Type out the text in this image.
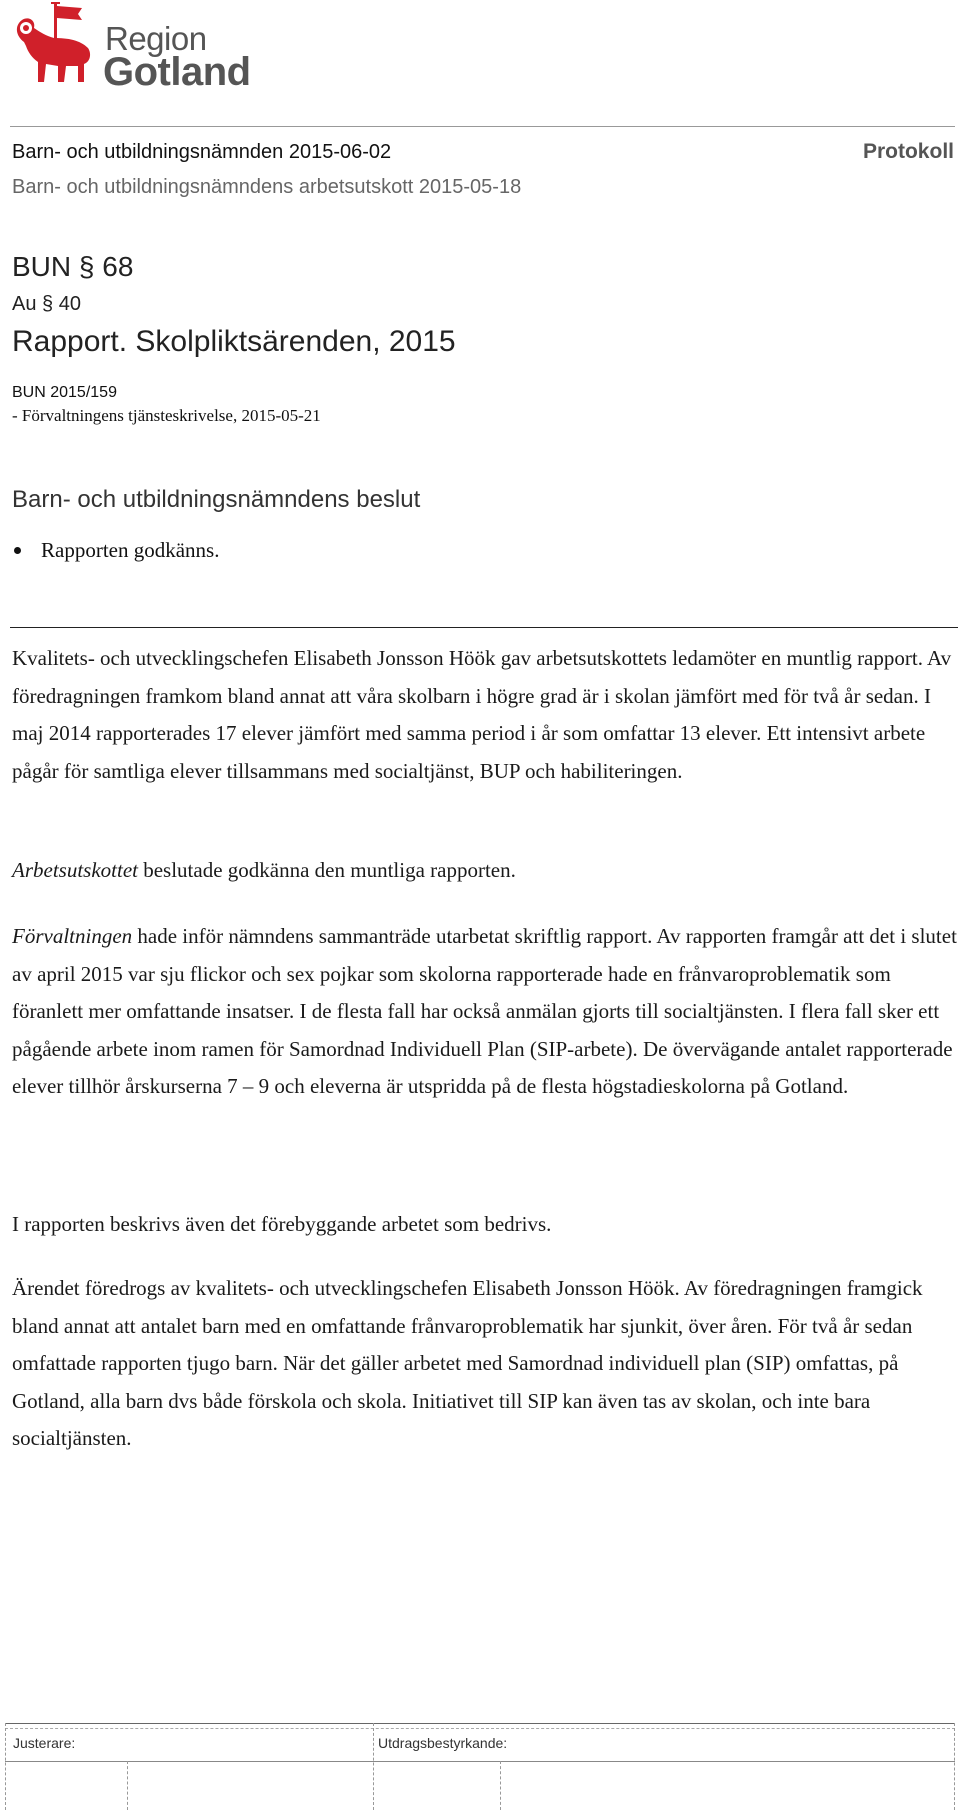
Region
Gotland
Barn- och utbildningsnämnden 2015-06-02	Protokoll
Barn- och utbildningsnämndens arbetsutskott 2015-05-18
BUN § 68
Au § 40
Rapport. Skolpliktsärenden, 2015
BUN 2015/159
- Förvaltningens tjänsteskrivelse, 2015-05-21
Barn- och utbildningsnämndens beslut
Rapporten godkänns.

Kvalitets- och utvecklingschefen Elisabeth Jonsson Höök gav arbetsutskottets ledamöter en muntlig rapport. Av föredragningen framkom bland annat att våra skolbarn i högre grad är i skolan jämfört med för två år sedan. I maj 2014 rapporterades 17 elever jämfört med samma period i år som omfattar 13 elever. Ett intensivt arbete pågår för samtliga elever tillsammans med socialtjänst, BUP och habiliteringen.

Arbetsutskottet beslutade godkänna den muntliga rapporten.

Förvaltningen hade inför nämndens sammanträde utarbetat skriftlig rapport. Av rapporten framgår att det i slutet av april 2015 var sju flickor och sex pojkar som skolorna rapporterade hade en frånvaroproblematik som föranlett mer omfattande insatser. I de flesta fall har också anmälan gjorts till socialtjänsten. I flera fall sker ett pågående arbete inom ramen för Samordnad Individuell Plan (SIP-arbete). De övervägande antalet rapporterade elever tillhör årskurserna 7 – 9 och eleverna är utspridda på de flesta högstadieskolorna på Gotland.

I rapporten beskrivs även det förebyggande arbetet som bedrivs.

Ärendet föredrogs av kvalitets- och utvecklingschefen Elisabeth Jonsson Höök. Av föredragningen framgick bland annat att antalet barn med en omfattande frånvaroproblematik har sjunkit, över åren. För två år sedan omfattade rapporten tjugo barn. När det gäller arbetet med Samordnad individuell plan (SIP) omfattas, på Gotland, alla barn dvs både förskola och skola. Initiativet till SIP kan även tas av skolan, och inte bara socialtjänsten.

Justerare:	Utdragsbestyrkande:
